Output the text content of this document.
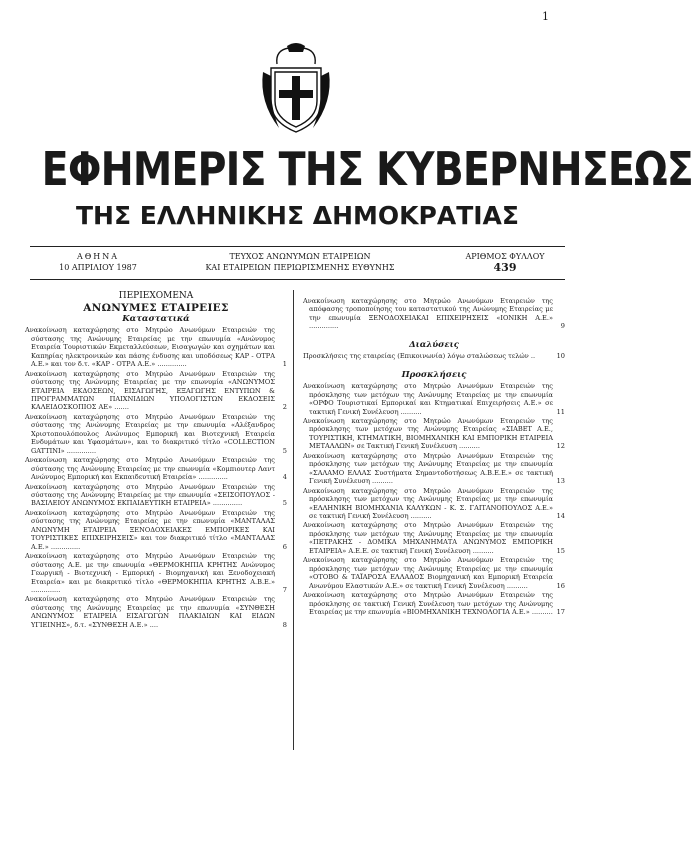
1
ΕΦΗΜΕΡΙΣ ΤΗΣ ΚΥΒΕΡΝΗΣΕΩΣ
ΤΗΣ ΕΛΛΗΝΙΚΗΣ ΔΗΜΟΚΡΑΤΙΑΣ
ΑΘΗΝΑ
10 ΑΠΡΙΛΙΟΥ 1987
ΤΕΥΧΟΣ ΑΝΩΝΥΜΩΝ ΕΤΑΙΡΕΙΩΝ
ΚΑΙ ΕΤΑΙΡΕΙΩΝ ΠΕΡΙΩΡΙΣΜΕΝΗΣ ΕΥΘΥΝΗΣ
ΑΡΙΘΜΟΣ ΦΥΛΛΟΥ
439
ΠΕΡΙΕΧΟΜΕΝΑ
ΑΝΩΝΥΜΕΣ ΕΤΑΙΡΕΙΕΣ
Καταστατικά
Ανακοίνωση καταχώρησης στο Μητρώο Ανωνύμων Εταιρειών της σύστασης της Ανώνυμης Εταιρείας με την επωνυμία «Ανώνυμος Εταιρεία Τουριστικών Εκμεταλλεύσεων, Εισαγωγών και σχημάτων και Καπηρίας ηλεκτρονικών και πάσης ένδυσης και υποδόσεως ΚΑΡ - ΟΤΡΑ Α.Ε.» και τον δ.τ. «ΚΑΡ - ΟΤΡΑ Α.Ε.» ..............	1
Ανακοίνωση καταχώρησης στο Μητρώο Ανωνύμων Εταιρειών της σύστασης της Ανώνυμης Εταιρείας με την επωνυμία «ΑΝΩΝΥΜΟΣ ΕΤΑΙΡΕΙΑ ΕΚΔΟΣΕΩΝ, ΕΙΣΑΓΩΓΗΣ, ΕΞΑΓΩΓΗΣ ΕΝΤΥΠΩΝ & ΠΡΟΓΡΑΜΜΑΤΩΝ ΠΑΙΧΝΙΔΙΩΝ ΥΠΟΛΟΓΙΣΤΩΝ ΕΚΔΟΣΕΙΣ ΚΑΛΕΙΔΟΣΚΟΠΙΟΣ ΑΕ» .......	2
Ανακοίνωση καταχώρησης στο Μητρώο Ανωνύμων Εταιρειών της σύστασης της Ανώνυμης Εταιρείας με την επωνυμία «Αλέξανδρος Χριστοπουλόπουλος Ανώνυμος Εμπορική και Βιοτεχνική Εταιρεία Ενδυμάτων και Υφασμάτων», και το διακριτικό τίτλο «COLLECTION GATTINI» ..............	5
Ανακοίνωση καταχώρησης στο Μητρώο Ανωνύμων Εταιρειών της σύστασης της Ανώνυμης Εταιρείας με την επωνυμία «Κομπιουτερ Λαντ Ανώνυμος Εμπορική και Εκπαιδευτική Εταιρεία» ..............	4
Ανακοίνωση καταχώρησης στο Μητρώο Ανωνύμων Εταιρειών της σύστασης της Ανώνυμης Εταιρείας με την επωνυμία «ΣΕΙΣΟΠΟΥΛΟΣ - ΒΑΣΙΛΕΙΟΥ ΑΝΩΝΥΜΟΣ ΕΚΠΑΙΔΕΥΤΙΚΗ ΕΤΑΙΡΕΙΑ» ..............	5
Ανακοίνωση καταχώρησης στο Μητρώο Ανωνύμων Εταιρειών της σύστασης της Ανώνυμης Εταιρείας με την επωνυμία «ΜΑΝΤΑΛΑΣ ΑΝΩΝΥΜΗ ΕΤΑΙΡΕΙΑ ΞΕΝΟΔΟΧΕΙΑΚΕΣ ΕΜΠΟΡΙΚΕΣ ΚΑΙ ΤΟΥΡΙΣΤΙΚΕΣ ΕΠΙΧΕΙΡΗΣΕΙΣ» και τον διακριτικό τίτλο «ΜΑΝΤΑΛΑΣ Α.Ε.» ..............	6
Ανακοίνωση καταχώρησης στο Μητρώο Ανωνύμων Εταιρειών της σύστασης Α.Ε. με την επωνυμία «ΘΕΡΜΟΚΗΠΙΑ ΚΡΗΤΗΣ Ανώνυμος Γεωργική - Βιοτεχνική - Εμπορική - Βιομηχανική και Ξενοδοχειακή Εταιρεία» και με διακριτικό τίτλο «ΘΕΡΜΟΚΗΠΙΑ ΚΡΗΤΗΣ Α.Β.Ε.» ..............	7
Ανακοίνωση καταχώρησης στο Μητρώο Ανωνύμων Εταιρειών της σύστασης της Ανώνυμης Εταιρείας με την επωνυμία «ΣΥΝΘΕΣΗ ΑΝΩΝΥΜΟΣ ΕΤΑΙΡΕΙΑ ΕΙΣΑΓΩΓΩΝ ΠΛΑΚΙΔΙΩΝ ΚΑΙ ΕΙΔΩΝ ΥΓΙΕΙΝΗΣ», δ.τ. «ΣΥΝΘΕΣΗ Α.Ε.» ....	8
Ανακοίνωση καταχώρησης στο Μητρώο Ανωνύμων Εταιρειών της απόφασης τροποποίησης του καταστατικού της Ανώνυμης Εταιρείας με την επωνυμία ΞΕΝΟΔΟΧΕΙΑΚΑΙ ΕΠΙΧΕΙΡΗΣΕΙΣ «ΙΟΝΙΚΗ Α.Ε.» ..............	9
Διαλύσεις
Προσκλήσεις της εταιρείας (Επικοινωνία) λόγω σταλώσεως τελών ..	10
Προσκλήσεις
Ανακοίνωση καταχώρησης στο Μητρώο Ανωνύμων Εταιρειών της πρόσκλησης των μετόχων της Ανώνυμης Εταιρείας με την επωνυμία «ΟΡΦΟ Τουριστικαί Εμπορικαί και Κτηματικαί Επιχειρήσεις Α.Ε.» σε τακτική Γενική Συνέλευση ..........	11
Ανακοίνωση καταχώρησης στο Μητρώο Ανωνύμων Εταιρειών της πρόσκλησης των μετόχων της Ανώνυμης Εταιρείας «ΣΙΑΒΕΤ Α.Ε., ΤΟΥΡΙΣΤΙΚΗ, ΚΤΗΜΑΤΙΚΗ, ΒΙΟΜΗΧΑΝΙΚΗ ΚΑΙ ΕΜΠΟΡΙΚΗ ΕΤΑΙΡΕΙΑ ΜΕΤΑΛΛΩΝ» σε Τακτική Γενική Συνέλευση ..........	12
Ανακοίνωση καταχώρησης στο Μητρώο Ανωνύμων Εταιρειών της πρόσκλησης των μετόχων της Ανώνυμης Εταιρείας με την επωνυμία «ΣΑΛΑΜΟ ΕΛΛΑΣ Συστήματα Σημαντοδοτήσεως Α.Β.Ε.Ε.» σε τακτική Γενική Συνέλευση ..........	13
Ανακοίνωση καταχώρησης στο Μητρώο Ανωνύμων Εταιρειών της πρόσκλησης των μετόχων της Ανώνυμης Εταιρείας με την επωνυμία «ΕΛΛΗΝΙΚΗ ΒΙΟΜΗΧΑΝΙΑ ΚΑΛΥΚΩΝ - Κ. Σ. ΓΑΙΤΑΝΟΠΟΥΛΟΣ Α.Ε.» σε τακτική Γενική Συνέλευση ..........	14
Ανακοίνωση καταχώρησης στο Μητρώο Ανωνύμων Εταιρειών της πρόσκλησης των μετόχων της Ανώνυμης Εταιρείας με την επωνυμία «ΠΕΤΡΑΚΗΣ - ΔΟΜΙΚΑ ΜΗΧΑΝΗΜΑΤΑ ΑΝΩΝΥΜΟΣ ΕΜΠΟΡΙΚΗ ΕΤΑΙΡΕΙΑ» Α.Ε.Ε. σε τακτική Γενική Συνέλευση ..........	15
Ανακοίνωση καταχώρησης στο Μητρώο Ανωνύμων Εταιρειών της πρόσκλησης των μετόχων της Ανώνυμης Εταιρείας με την επωνυμία «ΟΤΟΒΟ & ΤΑΪΑΡΟΣΑ ΕΛΛΑΔΟΣ Βιομηχανική και Εμπορική Εταιρεία Ανωνύμου Ελαστικών Α.Ε.» σε τακτική Γενική Συνέλευση ..........	16
Ανακοίνωση καταχώρησης στο Μητρώο Ανωνύμων Εταιρειών της πρόσκλησης σε τακτική Γενική Συνέλευση των μετόχων της Ανώνυμης Εταιρείας με την επωνυμία «ΒΙΟΜΗΧΑΝΙΚΗ ΤΕΧΝΟΛΟΓΙΑ Α.Ε.» .......... 17
